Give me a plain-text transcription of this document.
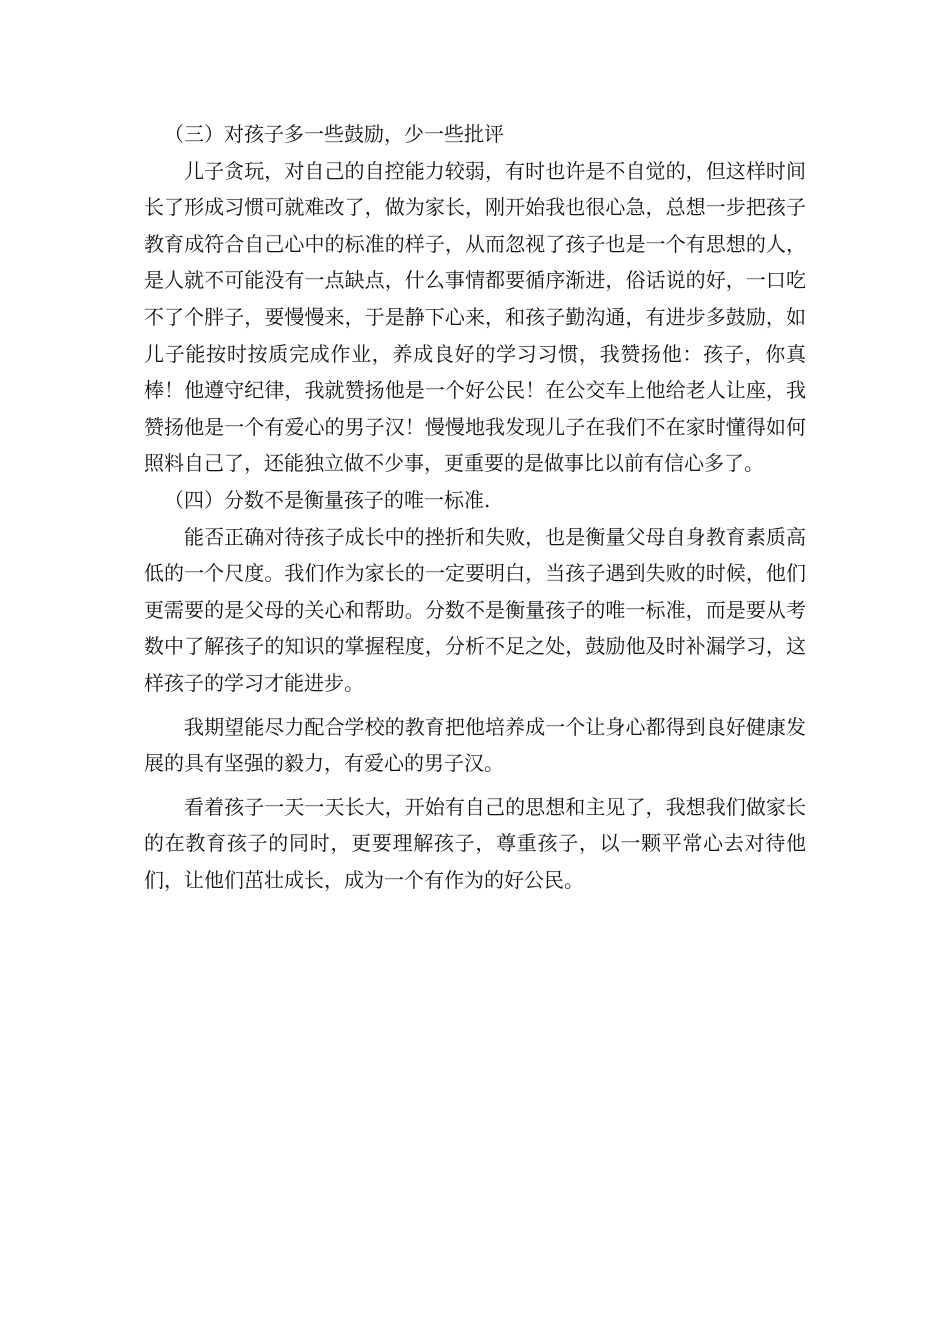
（三）对孩子多一些鼓励，少一些批评

儿子贪玩，对自己的自控能力较弱，有时也许是不自觉的，但这样时间长了形成习惯可就难改了，做为家长，刚开始我也很心急，总想一步把孩子教育成符合自己心中的标准的样子，从而忽视了孩子也是一个有思想的人，是人就不可能没有一点缺点，什么事情都要循序渐进，俗话说的好，一口吃不了个胖子，要慢慢来，于是静下心来，和孩子勤沟通，有进步多鼓励，如儿子能按时按质完成作业，养成良好的学习习惯，我赞扬他：孩子，你真棒！他遵守纪律，我就赞扬他是一个好公民！在公交车上他给老人让座，我赞扬他是一个有爱心的男子汉！慢慢地我发现儿子在我们不在家时懂得如何照料自己了，还能独立做不少事，更重要的是做事比以前有信心多了。

（四）分数不是衡量孩子的唯一标准.

能否正确对待孩子成长中的挫折和失败，也是衡量父母自身教育素质高低的一个尺度。我们作为家长的一定要明白，当孩子遇到失败的时候，他们更需要的是父母的关心和帮助。分数不是衡量孩子的唯一标准，而是要从考数中了解孩子的知识的掌握程度，分析不足之处，鼓励他及时补漏学习，这样孩子的学习才能进步。

我期望能尽力配合学校的教育把他培养成一个让身心都得到良好健康发展的具有坚强的毅力，有爱心的男子汉。

看着孩子一天一天长大，开始有自己的思想和主见了，我想我们做家长的在教育孩子的同时，更要理解孩子，尊重孩子，以一颗平常心去对待他们，让他们茁壮成长，成为一个有作为的好公民。
